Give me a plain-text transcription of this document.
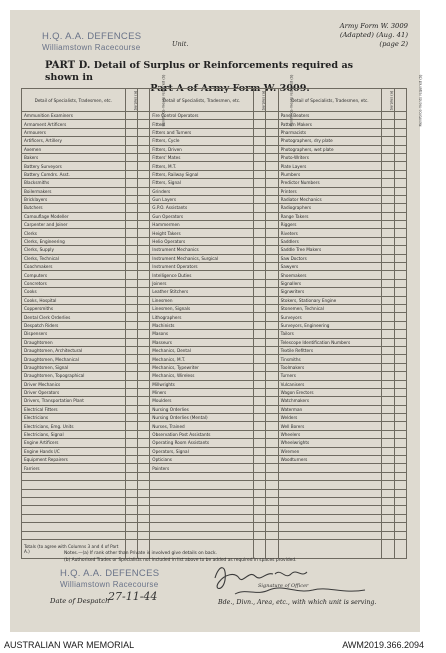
H.Q. A.A. DEFENCES
Williamstown Racecourse	Unit.
Army Form W. 3009
(Adapted) (Aug. 41)
(page 2)
PART D. Detail of Surplus or Reinforcements required as shown in
Part A of Army Form W. 3009.
Detail of Specialists, Tradesmen, etc.	Surplus (a)	Reinforce-ments required (b)	Detail of Specialists, Tradesmen, etc.	Surplus (a)	Reinforce-ments required (b)	Detail of Specialists, Tradesmen, etc.	Surplus (a)	Reinforce-ments required (b)
Ammunition Examiners			Fire Control Operators			Panel Beaters		
Armament Artificers			Fitters			Pattern Makers		
Armourers			Fitters and Turners			Pharmacists		
Artificers, Artillery			Fitters, Cycle			Photographers, dry plate		
Axemen			Fitters, Driven			Photographers, wet plate		
Bakers			Fitters' Mates			Photo-Writers		
Battery Surveyors			Fitters, M.T.			Plate Layers		
Battery Comdrs. Asst.			Fitters, Railway Signal			Plumbers		
Blacksmiths			Fitters, Signal			Predictor Numbers		
Boilermakers			Grinders			Printers		
Bricklayers			Gun Layers			Radiator Mechanics		
Butchers			G.P.O. Assistants			Radiographers		
Camouflage Modeller			Gun Operators			Range Takers		
Carpenter and Joiner			Hammermen			Riggers		
Clerks			Height Takers			Riveters		
Clerks, Engineering			Helio Operators			Saddlers		
Clerks, Supply			Instrument Mechanics			Saddle Tree Makers		
Clerks, Technical			Instrument Mechanics, Surgical			Saw Doctors		
Coachmakers			Instrument Operators			Sawyers		
Computers			Intelligence Duties			Shoemakers		
Concretors			Joiners			Signallers		
Cooks			Leather Stitchers			Signwriters		
Cooks, Hospital			Linesmen			Stokers, Stationary Engine		
Coppersmiths			Linesmen, Signals			Stonemen, Technical		
Dental Clerk Orderlies			Lithographers			Surveyors		
Despatch Riders			Machinists			Surveyors, Engineering		
Dispensers			Masons			Tailors		
Draughtsmen			Masseurs			Telescope Identification Numbers		
Draughtsmen, Architectural			Mechanics, Dental			Textile Refitters		
Draughtsmen, Mechanical			Mechanics, M.T.			Tinsmiths		
Draughtsmen, Signal			Mechanics, Typewriter			Toolmakers		
Draughtsmen, Topographical			Mechanics, Wireless			Turners		
Driver Mechanics			Millwrights			Vulcanisers		
Driver Operators			Miners			Wagon Erectors		
Drivers, Transportation Plant			Moulders			Watchmakers		
Electrical Fitters			Nursing Orderlies			Waterman		
Electricians			Nursing Orderlies (Mental)			Welders		
Electricians, Emg. Units			Nurses, Trained			Well Borers		
Electricians, Signal			Observation Post Assistants			Wheelers		
Engine Artificers			Operating Room Assistants			Wheelwrights		
Engine Hands I/C			Operators, Signal			Wiremen		
Equipment Repairers			Opticians			Woodturners		
Farriers			Painters					

Totals (to agree with Columns 3 and 4 of Part A.)									Notes.—(a) If rank other than Private is involved give details on back.
(b) Authorised Trades or Specialists not included in list above to be added as required in spaces provided.
H.Q. A.A. DEFENCES
Williamstown Racecourse	Signature of Officer
Date of Despatch
27-11-44	Bde., Divn., Area, etc., with which unit is serving.
AUSTRALIAN WAR MEMORIAL	AWM2019.366.2094
